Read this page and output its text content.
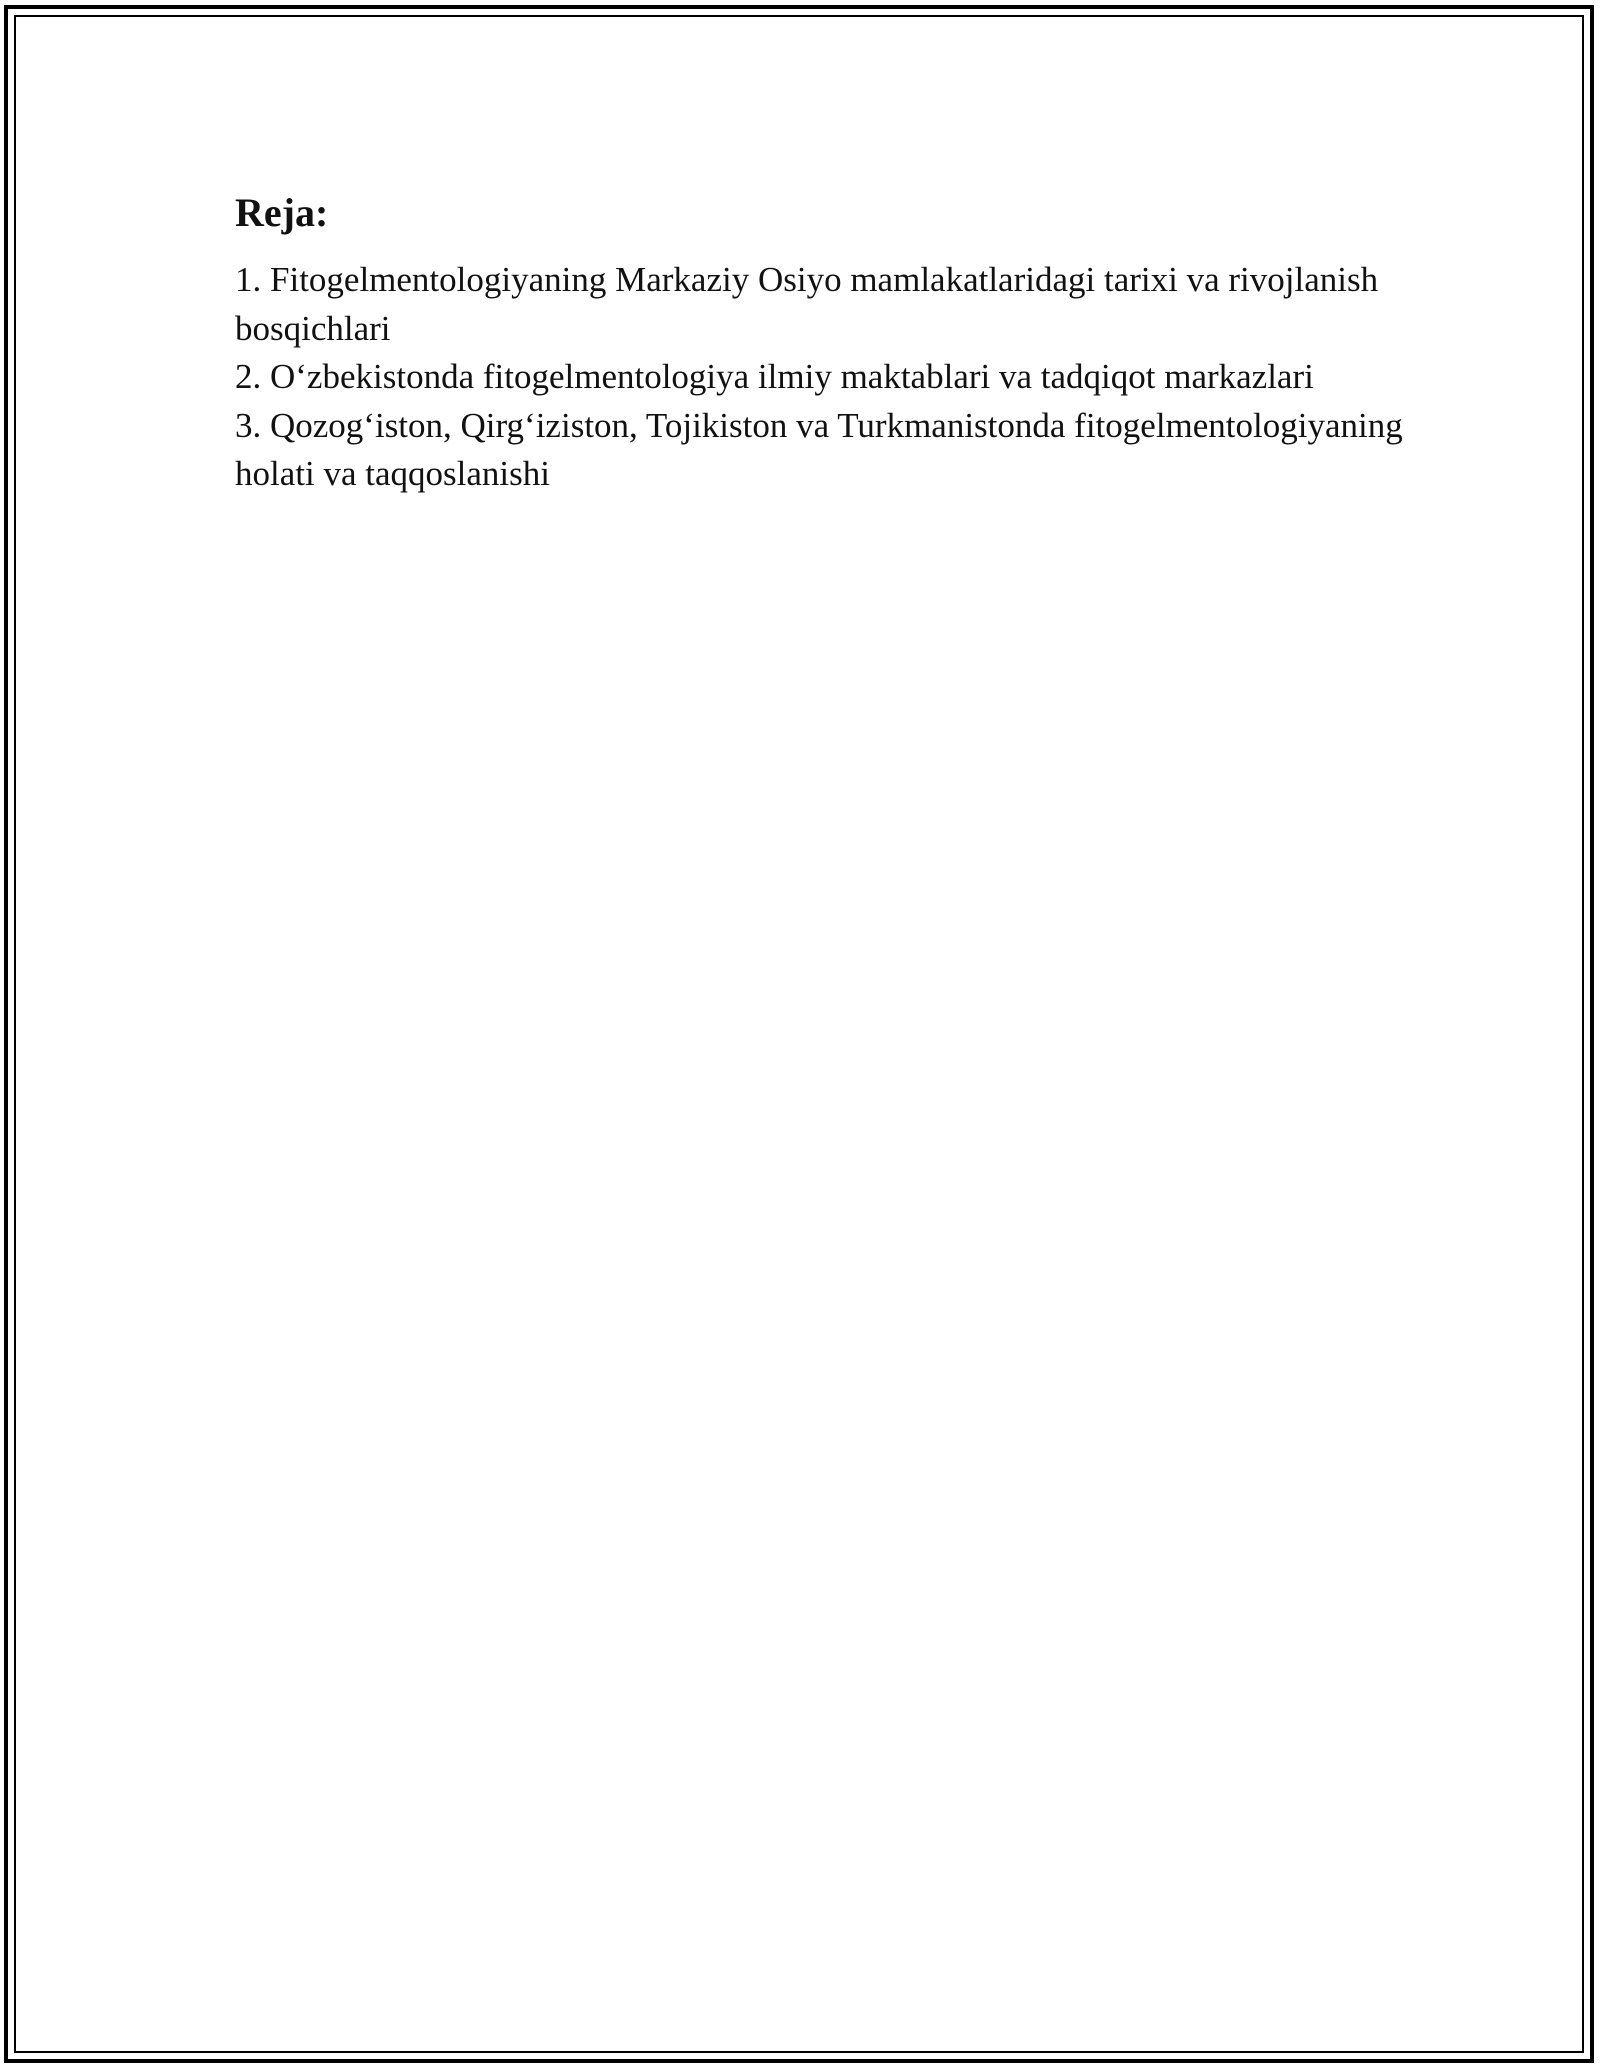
Reja:

1. Fitogelmentologiyaning Markaziy Osiyo mamlakatlaridagi tarixi va rivojlanish bosqichlari

2. O‘zbekistonda fitogelmentologiya ilmiy maktablari va tadqiqot markazlari

3. Qozog‘iston, Qirg‘iziston, Tojikiston va Turkmanistonda fitogelmentologiyaning holati va taqqoslanishi
